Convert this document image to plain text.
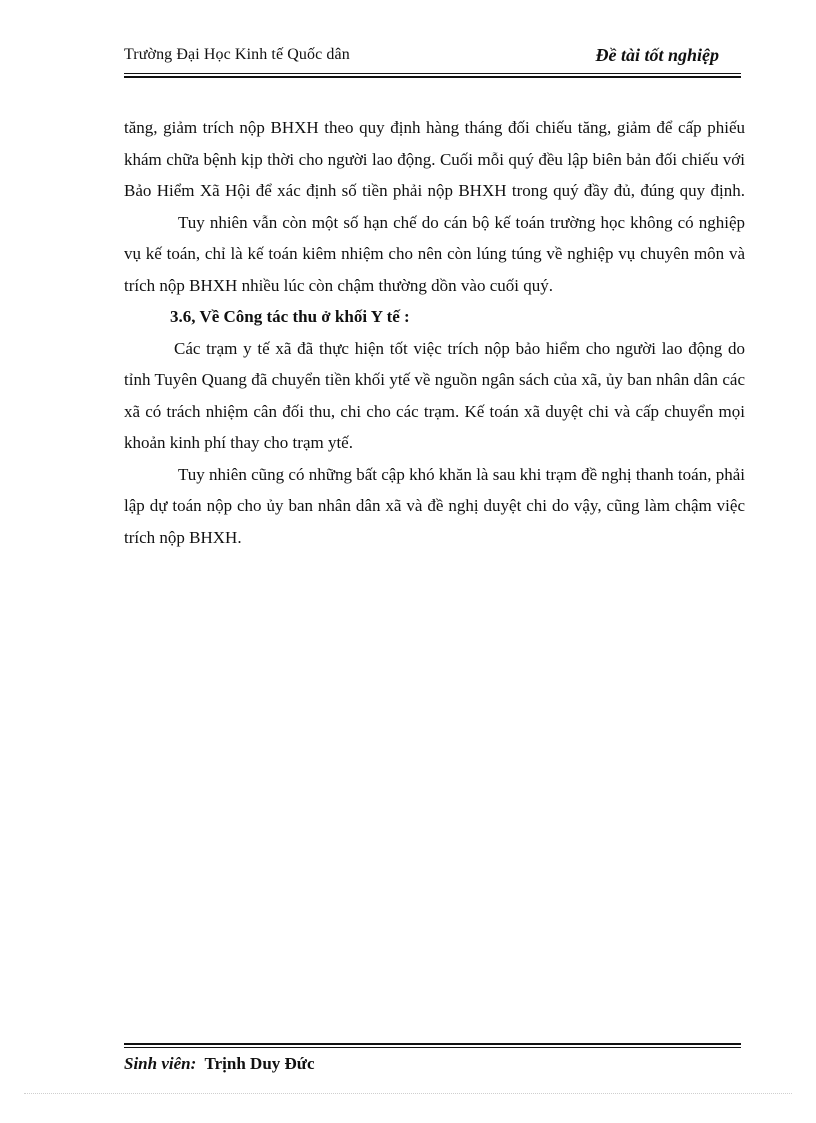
Trường Đại Học Kinh tế Quốc dân	Đề tài tốt nghiệp

tăng, giảm trích nộp BHXH theo quy định hàng tháng đối chiếu tăng, giảm để cấp phiếu khám chữa bệnh kịp thời cho người lao động. Cuối mỗi quý đều lập biên bản đối chiếu với Bảo Hiểm Xã Hội để xác định số tiền phải nộp BHXH trong quý đầy đủ, đúng quy định.

Tuy nhiên vẫn còn một số hạn chế do cán bộ kế toán trường học không có nghiệp vụ kế toán, chỉ là kế toán kiêm nhiệm cho nên còn lúng túng về nghiệp vụ chuyên môn và trích nộp BHXH nhiều lúc còn chậm thường dồn vào cuối quý.

3.6, Về Công tác thu ở khối Y tế :

Các trạm y tế xã đã thực hiện tốt việc trích nộp bảo hiểm cho người lao động do tỉnh Tuyên Quang đã chuyển tiền khối ytế về nguồn ngân sách của xã, ủy ban nhân dân các xã có trách nhiệm cân đối thu, chi cho các trạm. Kế toán xã duyệt chi và cấp chuyển mọi khoản kinh phí thay cho trạm ytế.

Tuy nhiên cũng có những bất cập khó khăn là sau khi trạm đề nghị thanh toán, phải lập dự toán nộp cho ủy ban nhân dân xã và đề nghị duyệt chi do vậy, cũng làm chậm việc trích nộp BHXH.

Sinh viên: Trịnh Duy Đức
